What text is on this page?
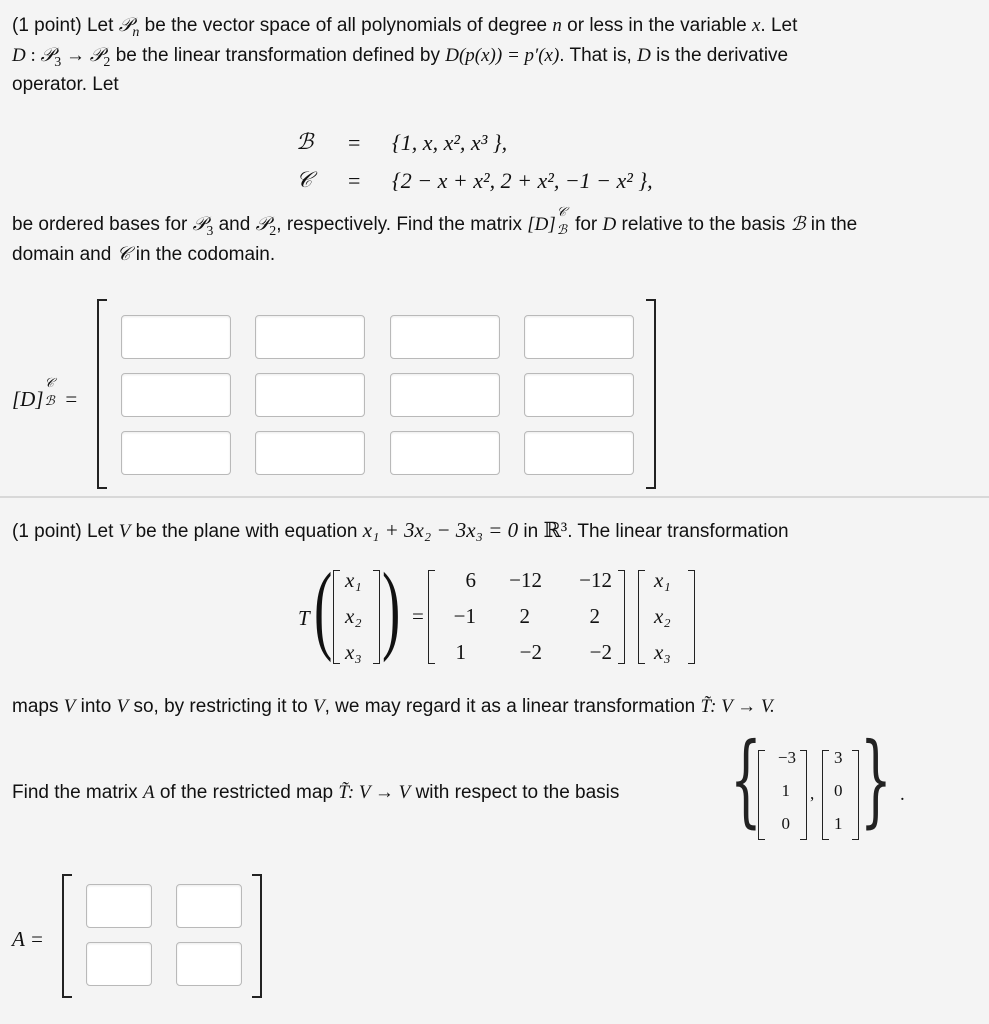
(1 point) Let 𝒫$_n$ be the vector space of all polynomials of degree n or less in the variable x. Let
D : 𝒫$_3$ → 𝒫$_2$ be the linear transformation defined by D(p(x)) = p′(x). That is, D is the derivative
operator. Let
ℬ = {1, x, x², x³ },
𝒞 = {2 − x + x², 2 + x², −1 − x² },
be ordered bases for 𝒫$_3$ and 𝒫$_2$, respectively. Find the matrix [D]
𝒞
ℬ for D relative to the basis ℬ in the
domain and 𝒞 in the codomain.
[D]
𝒞
ℬ =
(1 point) Let V be the plane with equation x₁ + 3x₂ − 3x₃ = 0 in ℝ³. The linear transformation
T ( )
x₁
x₂
x₃
=
6	−12	−12
−1	2	2
1	−2	−2
x₁
x₂
x₃
maps V into V so, by restricting it to V, we may regard it as a linear transformation T̃: V → V.
Find the matrix A of the restricted map T̃: V → V with respect to the basis { −3
1
0
,
3
0
1 } .
A =
